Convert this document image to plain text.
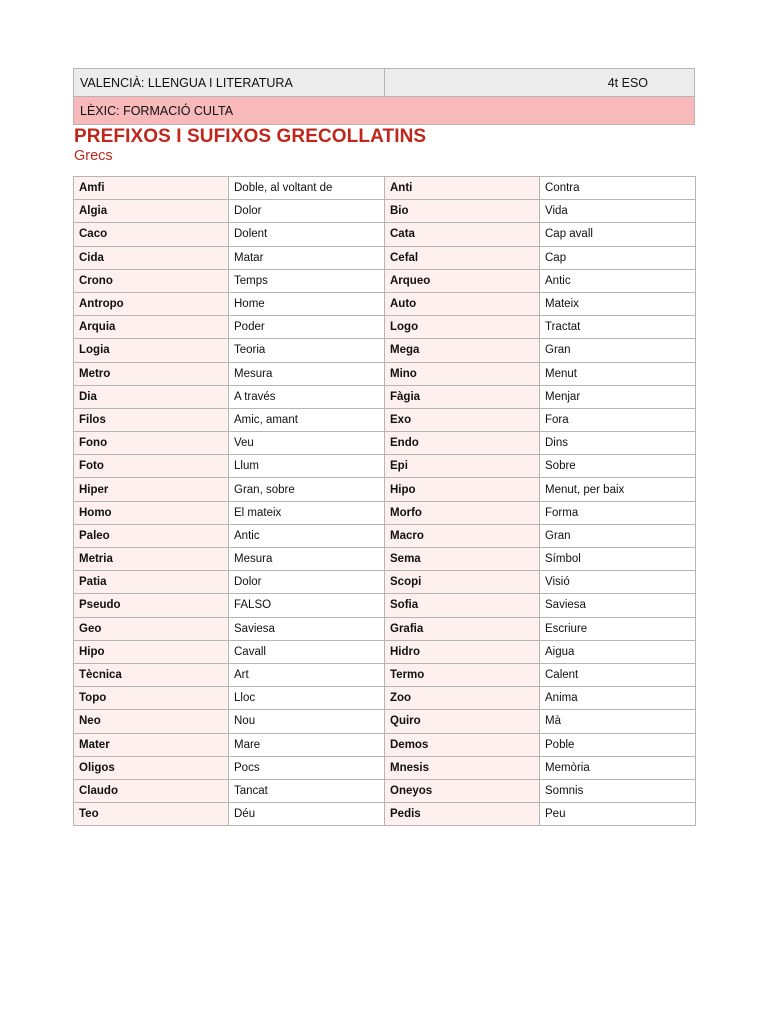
VALENCIÀ: LLENGUA I LITERATURA	4t ESO
LÈXIC: FORMACIÓ CULTA
PREFIXOS I SUFIXOS GRECOLLATINS
Grecs
Amfi	Doble, al voltant de	Anti	Contra
Algia	Dolor	Bio	Vida
Caco	Dolent	Cata	Cap avall
Cida	Matar	Cefal	Cap
Crono	Temps	Arqueo	Antic
Antropo	Home	Auto	Mateix
Arquia	Poder	Logo	Tractat
Logia	Teoria	Mega	Gran
Metro	Mesura	Mino	Menut
Dia	A través	Fàgia	Menjar
Filos	Amic, amant	Exo	Fora
Fono	Veu	Endo	Dins
Foto	Llum	Epi	Sobre
Hiper	Gran, sobre	Hipo	Menut, per baix
Homo	El mateix	Morfo	Forma
Paleo	Antic	Macro	Gran
Metria	Mesura	Sema	Símbol
Patia	Dolor	Scopi	Visió
Pseudo	FALSO	Sofia	Saviesa
Geo	Saviesa	Grafia	Escriure
Hipo	Cavall	Hidro	Aigua
Tècnica	Art	Termo	Calent
Topo	Lloc	Zoo	Anima
Neo	Nou	Quiro	Mà
Mater	Mare	Demos	Poble
Oligos	Pocs	Mnesis	Memòria
Claudo	Tancat	Oneyos	Somnis
Teo	Déu	Pedis	Peu
